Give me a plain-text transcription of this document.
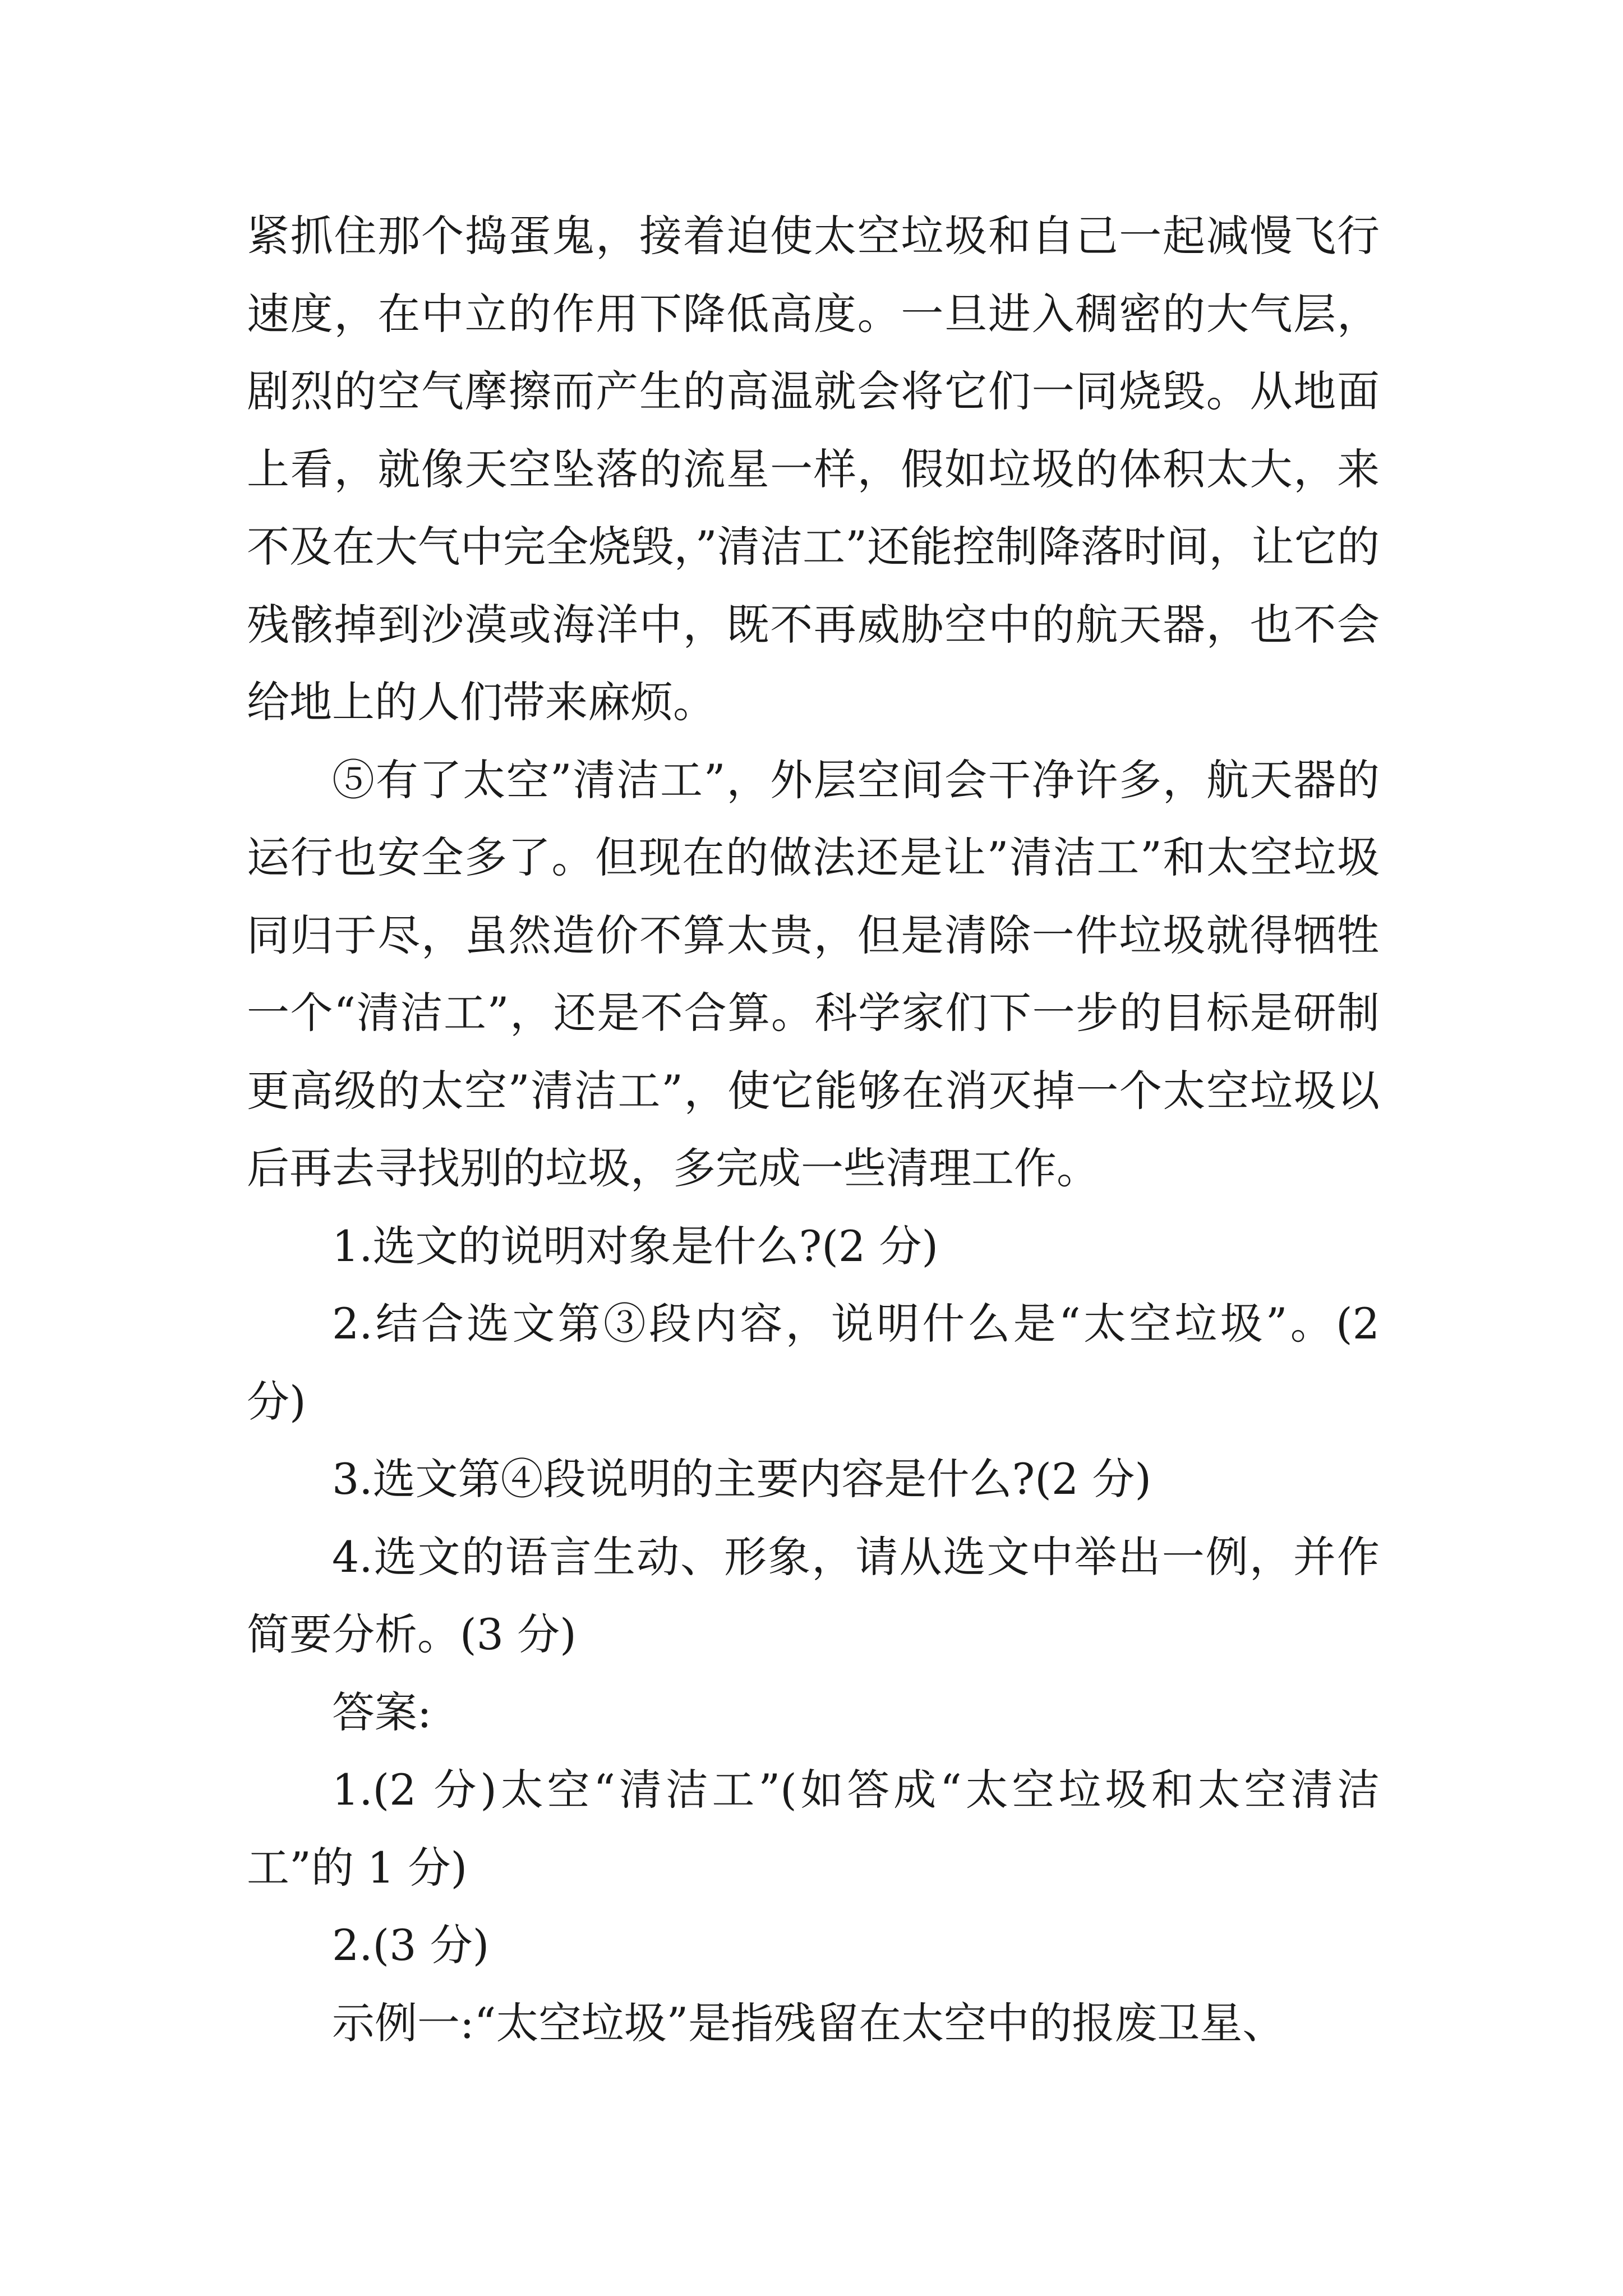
紧抓住那个捣蛋鬼，接着迫使太空垃圾和自己一起减慢飞行速度，在中立的作用下降低高度。一旦进入稠密的大气层，剧烈的空气摩擦而产生的高温就会将它们一同烧毁。从地面上看，就像天空坠落的流星一样，假如垃圾的体积太大，来不及在大气中完全烧毁，”清洁工”还能控制降落时间，让它的残骸掉到沙漠或海洋中，既不再威胁空中的航天器，也不会给地上的人们带来麻烦。

⑤有了太空”清洁工”，外层空间会干净许多，航天器的运行也安全多了。但现在的做法还是让”清洁工”和太空垃圾同归于尽，虽然造价不算太贵，但是清除一件垃圾就得牺牲一个“清洁工”，还是不合算。科学家们下一步的目标是研制更高级的太空”清洁工”，使它能够在消灭掉一个太空垃圾以后再去寻找别的垃圾，多完成一些清理工作。

1.选文的说明对象是什么?(2 分)

2.结合选文第③段内容，说明什么是“太空垃圾”。(2 分)

3.选文第④段说明的主要内容是什么?(2 分)

4.选文的语言生动、形象，请从选文中举出一例，并作简要分析。(3 分)

答案:

1.(2 分)太空“清洁工”(如答成“太空垃圾和太空清洁工”的 1 分)

2.(3 分)

示例一:“太空垃圾”是指残留在太空中的报废卫星、
